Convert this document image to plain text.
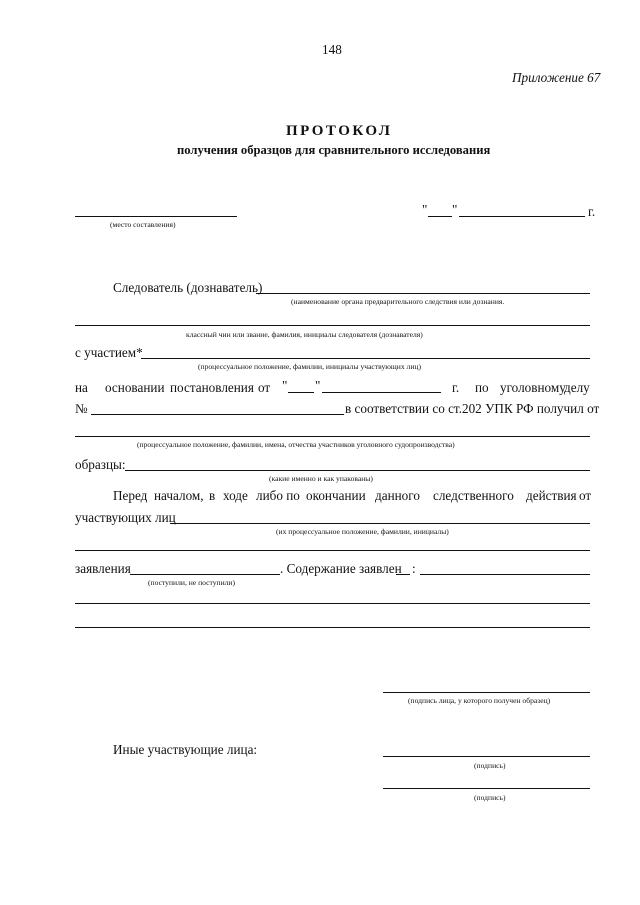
148
Приложение 67
ПРОТОКОЛ
получения образцов для сравнительного исследования
(место составления)
" "	г.
Следователь (дознаватель)
(наименование органа предварительного следствия или дознания.
классный чин или звание, фамилия, инициалы следователя (дознавателя)
с участием*
(процессуальное положение, фамилии, инициалы участвующих лиц)
на основании постановления от " "	г. по уголовному
делу
№	в соответствии со ст.202 УПК РФ получил от
(процессуальное положение, фамилии, имена, отчества участников уголовного судопроизводства)
образцы:
(какие именно и как упакованы)
Перед началом, в ходе либо по окончании данного следственного действия от
участвующих лиц
(их процессуальное положение, фамилии, инициалы)
заявления	. Содержание заявлен :
(поступили, не поступили)
(подпись лица, у которого получен образец)
Иные участвующие лица:
(подпись)
(подпись)
